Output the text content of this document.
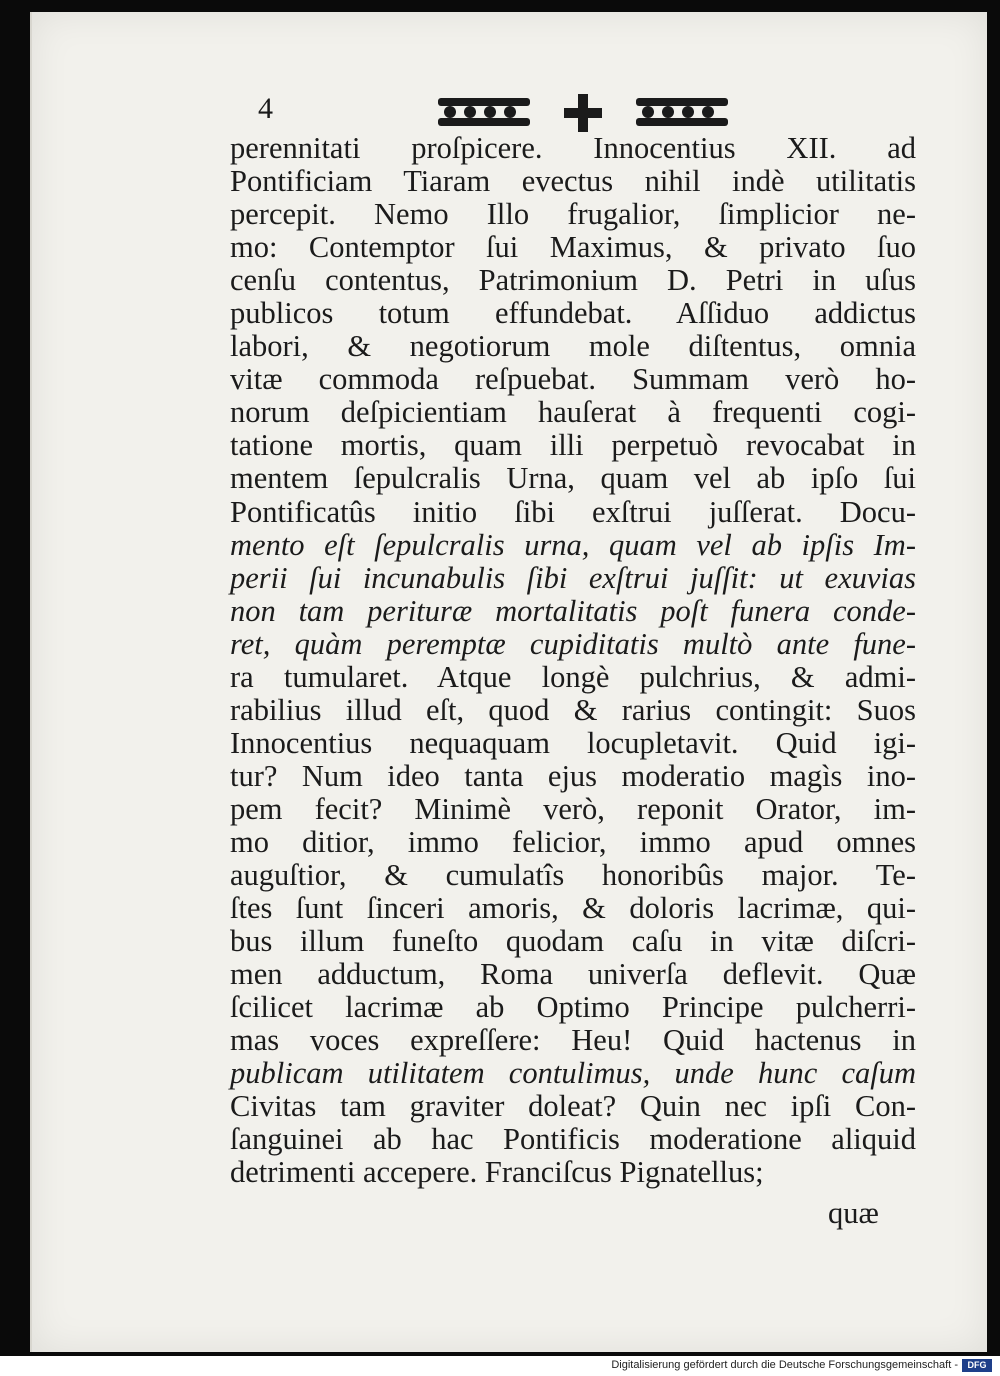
4
perennitati proſpicere. Innocentius XII. ad
Pontificiam Tiaram evectus nihil indè utilitatis
percepit. Nemo Illo frugalior, ſimplicior ne-
mo: Contemptor ſui Maximus, & privato ſuo
cenſu contentus, Patrimonium D. Petri in uſus
publicos totum effundebat. Aſſiduo addictus
labori, & negotiorum mole diſtentus, omnia
vitæ commoda reſpuebat. Summam verò ho-
norum deſpicientiam hauſerat à frequenti cogi-
tatione mortis, quam illi perpetuò revocabat in
mentem ſepulcralis Urna, quam vel ab ipſo ſui
Pontificatûs initio ſibi exſtrui juſſerat. Docu-
mento eſt ſepulcralis urna, quam vel ab ipſis Im-
perii ſui incunabulis ſibi exſtrui juſſit: ut exuvias
non tam perituræ mortalitatis poſt funera conde-
ret, quàm peremptæ cupiditatis multò ante fune-
ra tumularet. Atque longè pulchrius, & admi-
rabilius illud eſt, quod & rarius contingit: Suos
Innocentius nequaquam locupletavit. Quid igi-
tur? Num ideo tanta ejus moderatio magìs ino-
pem fecit? Minimè verò, reponit Orator, im-
mo ditior, immo felicior, immo apud omnes
auguſtior, & cumulatîs honoribûs major. Te-
ſtes ſunt ſinceri amoris, & doloris lacrimæ, qui-
bus illum funeſto quodam caſu in vitæ diſcri-
men adductum, Roma univerſa deflevit. Quæ
ſcilicet lacrimæ ab Optimo Principe pulcherri-
mas voces expreſſere: Heu! Quid hactenus in
publicam utilitatem contulimus, unde hunc caſum
Civitas tam graviter doleat? Quin nec ipſi Con-
ſanguinei ab hac Pontificis moderatione aliquid
detrimenti accepere. Franciſcus Pignatellus;
quæ
Digitalisierung gefördert durch die Deutsche Forschungsgemeinschaft -	DFG
